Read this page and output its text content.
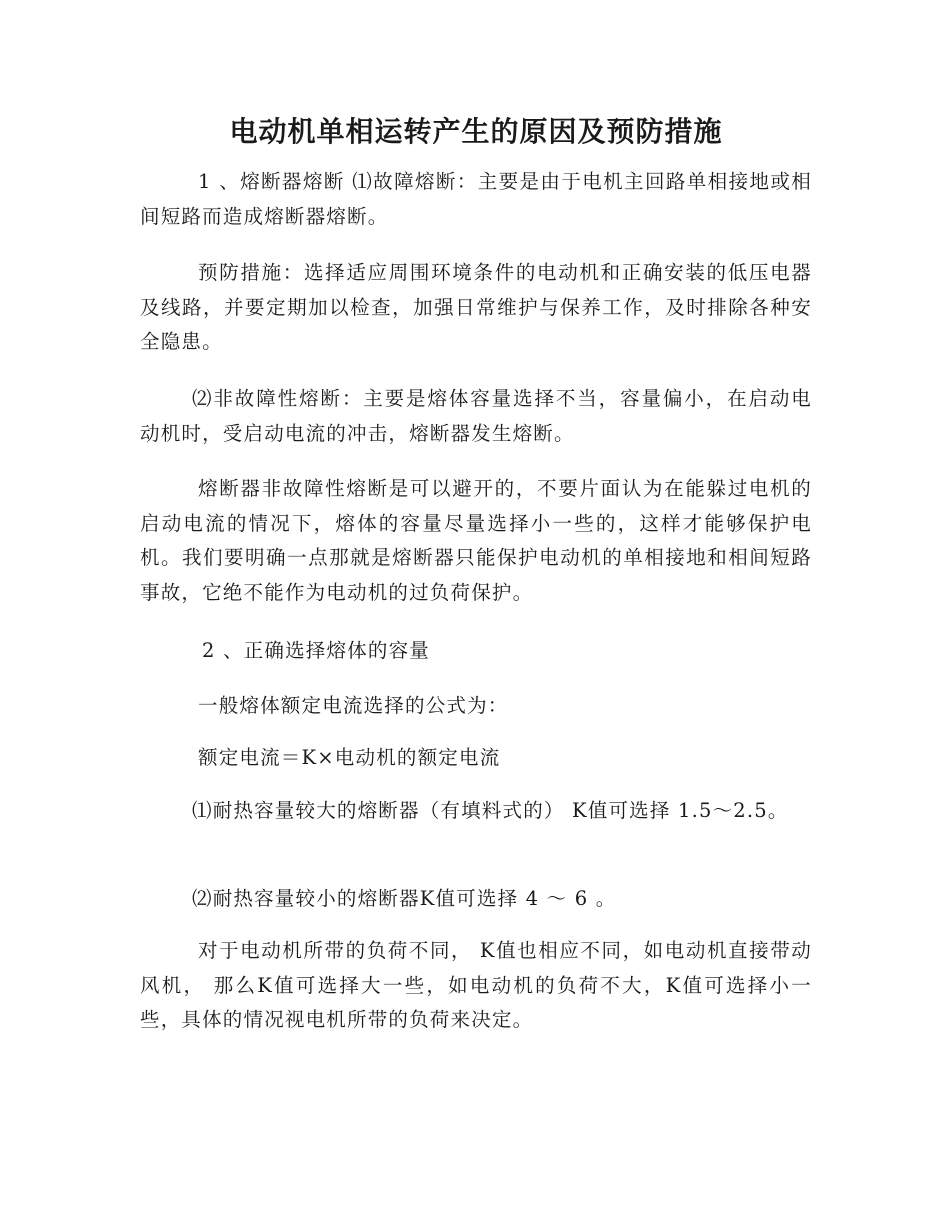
电动机单相运转产生的原因及预防措施

1 、熔断器熔断 ⑴故障熔断：主要是由于电机主回路单相接地或相间短路而造成熔断器熔断。

预防措施：选择适应周围环境条件的电动机和正确安装的低压电器及线路，并要定期加以检查，加强日常维护与保养工作，及时排除各种安全隐患。

⑵非故障性熔断：主要是熔体容量选择不当，容量偏小，在启动电动机时，受启动电流的冲击，熔断器发生熔断。

熔断器非故障性熔断是可以避开的，不要片面认为在能躲过电机的启动电流的情况下，熔体的容量尽量选择小一些的，这样才能够保护电机。我们要明确一点那就是熔断器只能保护电动机的单相接地和相间短路事故，它绝不能作为电动机的过负荷保护。

2 、正确选择熔体的容量

一般熔体额定电流选择的公式为：

额定电流＝K×电动机的额定电流

⑴耐热容量较大的熔断器（有填料式的） K值可选择 1.5～2.5。

⑵耐热容量较小的熔断器K值可选择 4 ～ 6 。

对于电动机所带的负荷不同， K值也相应不同，如电动机直接带动风机， 那么K值可选择大一些，如电动机的负荷不大，K值可选择小一些，具体的情况视电机所带的负荷来决定。
